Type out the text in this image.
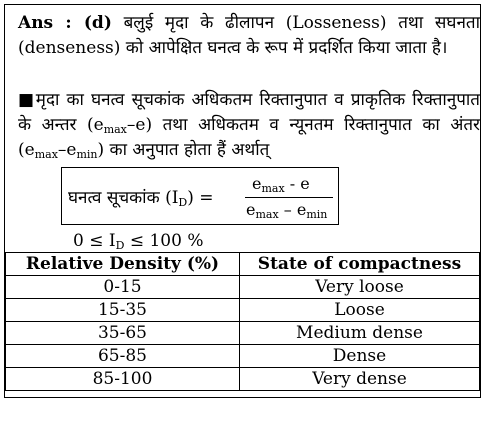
Ans : (d) बलुई मृदा के ढीलापन (Losseness) तथा सघनता (denseness) को आपेक्षित घनत्व के रूप में प्रदर्शित किया जाता है।
■मृदा का घनत्व सूचकांक अधिकतम रिक्तानुपात व प्राकृतिक रिक्तानुपात के अन्तर $(e_{max}-e)$ तथा अधिकतम व न्यूनतम रिक्तानुपात का अंतर $(e_{max}-e_{min})$ का अनुपात होता हैं अर्थात्
घनत्व सूचकांक $(I_D)$ =
$e_{max}$ - e
$e_{max} - e_{min}$
$0 \le I_D \le 100$ %
Relative Density (%)	State of compactness
0-15	Very loose
15-35	Loose
35-65	Medium dense
65-85	Dense
85-100	Very dense
